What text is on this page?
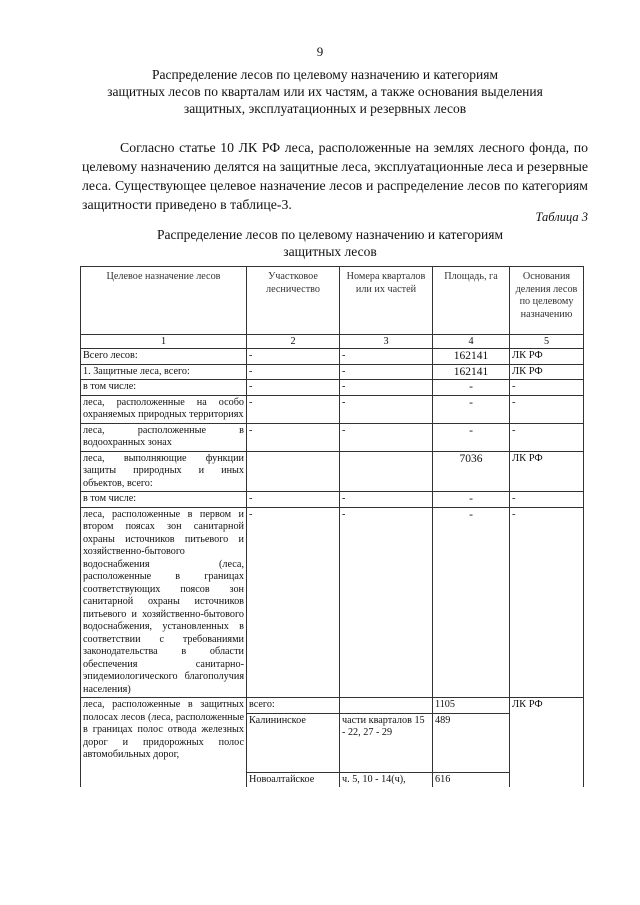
9
Распределение лесов по целевому назначению и категориям
защитных лесов по кварталам или их частям, а также основания выделения
защитных, эксплуатационных и резервных лесов
Согласно статье 10 ЛК РФ леса, расположенные на землях лесного фонда, по целевому назначению делятся на защитные леса, эксплуатационные леса и резервные леса. Существующее целевое назначение лесов и распределение лесов по категориям защитности приведено в таблице-3.
Таблица 3
Распределение лесов по целевому назначению и категориям
защитных лесов
Целевое назначение лесов	Участковое лесничество	Номера кварталов или их частей	Площадь, га	Основания деления лесов по целевому назначению
1	2	3	4	5
Всего лесов:	-	-	162141	ЛК РФ
1. Защитные леса, всего:	-	-	162141	ЛК РФ
в том числе:	-	-	-	-
леса, расположенные на особо охраняемых природных территориях	-	-	-	-
леса, расположенные в водоохранных зонах	-	-	-	-
леса, выполняющие функции защиты природных и иных объектов, всего:			7036	ЛК РФ
в том числе:	-	-	-	-
леса, расположенные в первом и втором поясах зон санитарной охраны источников питьевого и хозяйственно-бытового водоснабжения (леса, расположенные в границах соответствующих поясов зон санитарной охраны источников питьевого и хозяйственно-бытового водоснабжения, установленных в соответствии с требованиями законодательства в области обеспечения санитарно-эпидемиологического благополучия населения)	-	-	-	-
леса, расположенные в защитных полосах лесов (леса, расположенные в границах полос отвода железных дорог и придорожных полос автомобильных дорог,	всего:		1105	ЛК РФ
	Калининское	части кварталов 15 - 22, 27 - 29	489	
	Новоалтайское	ч. 5, 10 - 14(ч),	616	
